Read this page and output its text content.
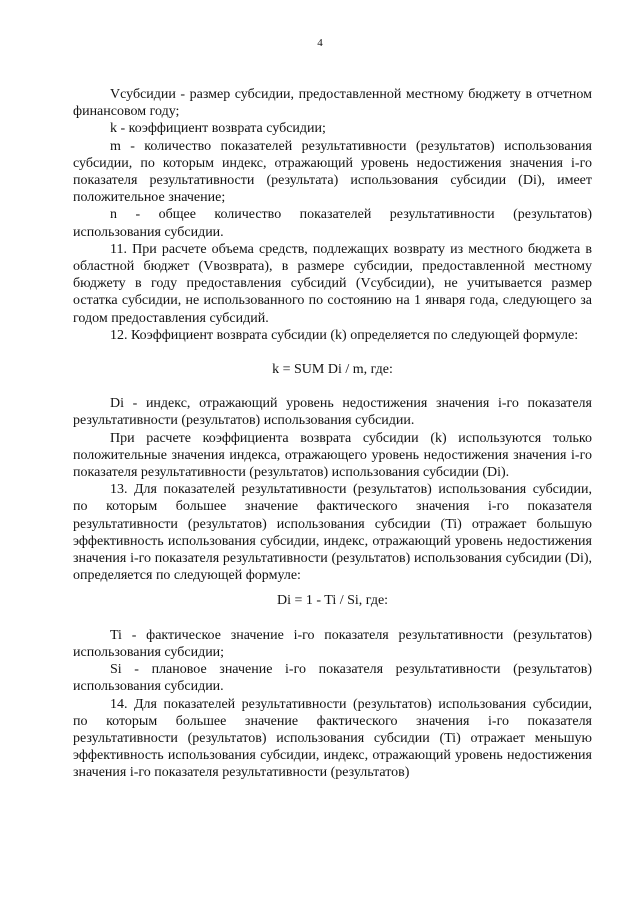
4

Vсубсидии - размер субсидии, предоставленной местному бюджету в отчетном финансовом году;

k - коэффициент возврата субсидии;

m - количество показателей результативности (результатов) использования субсидии, по которым индекс, отражающий уровень недостижения значения i-го показателя результативности (результата) использования субсидии (Di), имеет положительное значение;

n - общее количество показателей результативности (результатов) использования субсидии.

11. При расчете объема средств, подлежащих возврату из местного бюджета в областной бюджет (Vвозврата), в размере субсидии, предоставленной местному бюджету в году предоставления субсидий (Vсубсидии), не учитывается размер остатка субсидии, не использованного по состоянию на 1 января года, следующего за годом предоставления субсидий.

12. Коэффициент возврата субсидии (k) определяется по следующей формуле:

k = SUM Di / m, где:

Di - индекс, отражающий уровень недостижения значения i-го показателя результативности (результатов) использования субсидии.

При расчете коэффициента возврата субсидии (k) используются только положительные значения индекса, отражающего уровень недостижения значения i-го показателя результативности (результатов) использования субсидии (Di).

13. Для показателей результативности (результатов) использования субсидии, по которым большее значение фактического значения i-го показателя результативности (результатов) использования субсидии (Ti) отражает большую эффективность использования субсидии, индекс, отражающий уровень недостижения значения i-го показателя результативности (результатов) использования субсидии (Di), определяется по следующей формуле:

Di = 1 - Ti / Si, где:

Ti - фактическое значение i-го показателя результативности (результатов) использования субсидии;

Si - плановое значение i-го показателя результативности (результатов) использования субсидии.

14. Для показателей результативности (результатов) использования субсидии, по которым большее значение фактического значения i-го показателя результативности (результатов) использования субсидии (Ti) отражает меньшую эффективность использования субсидии, индекс, отражающий уровень недостижения значения i-го показателя результативности (результатов)
